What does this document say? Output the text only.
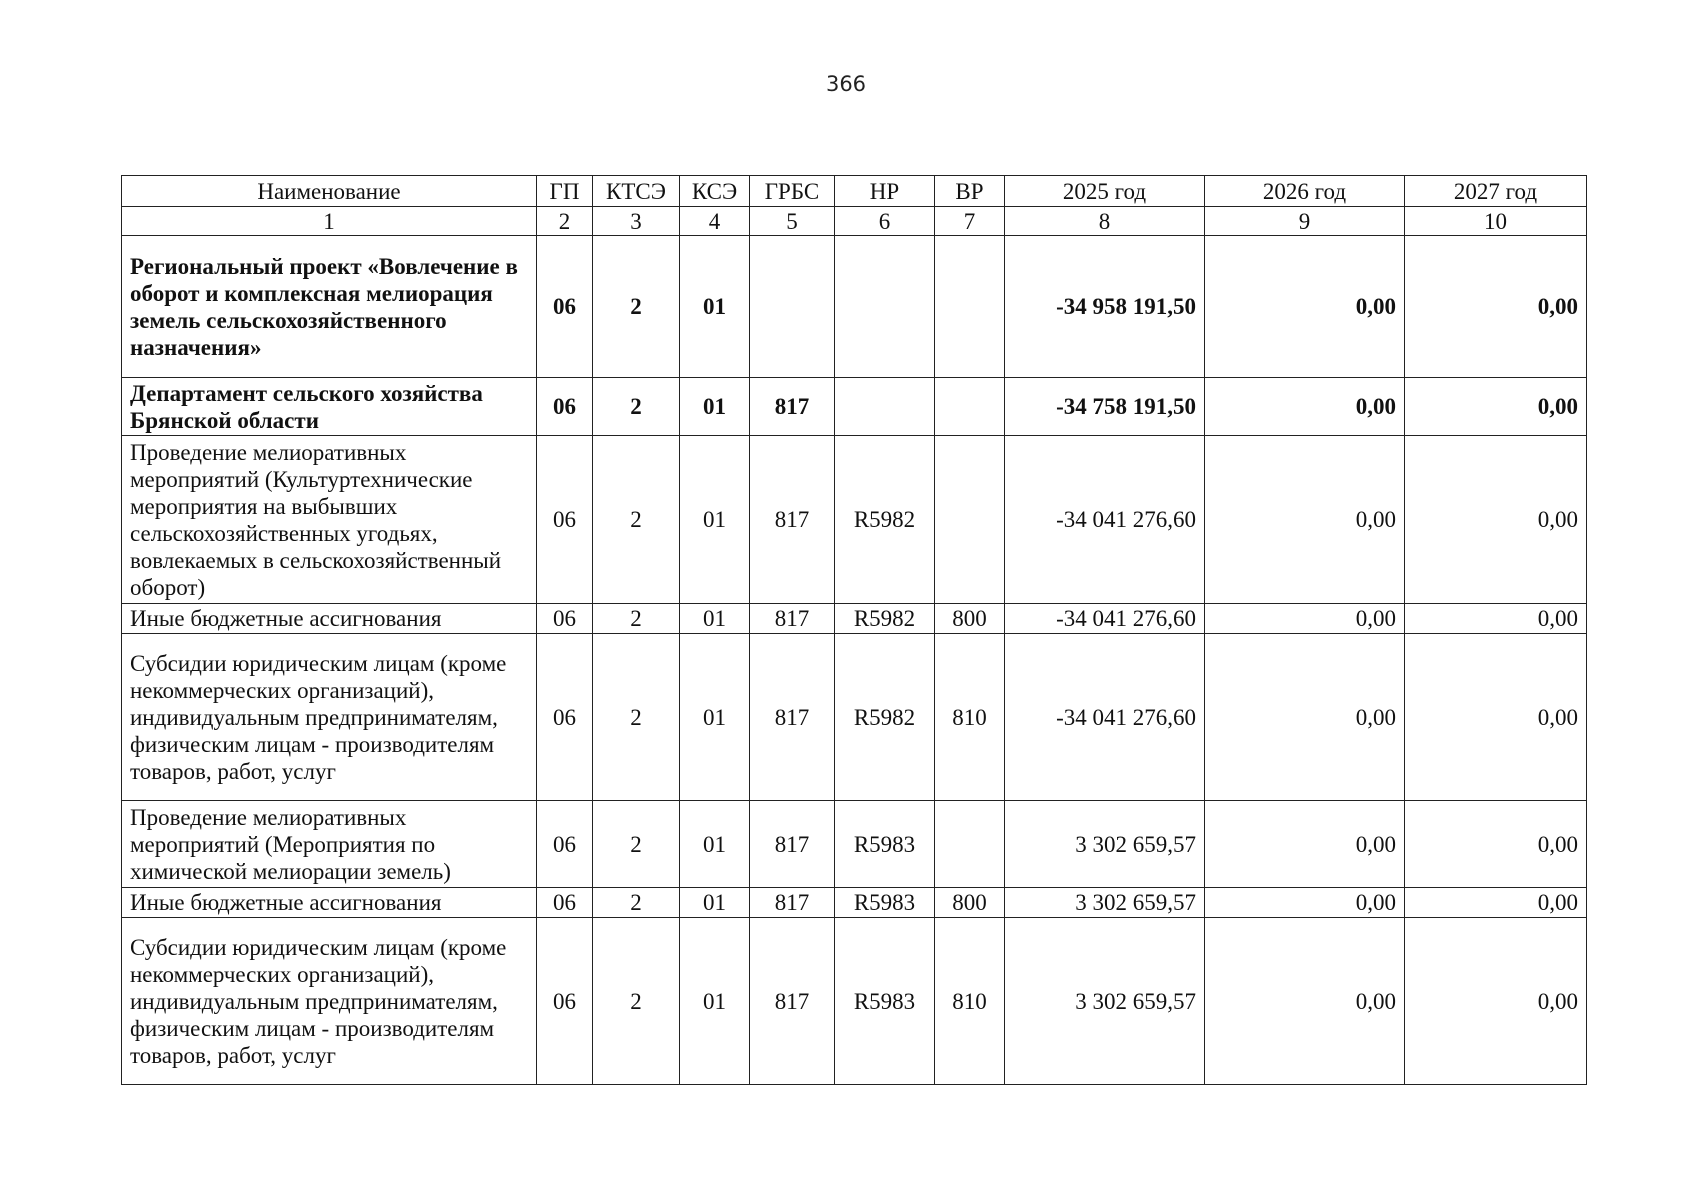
366
Наименование	ГП	КТСЭ	КСЭ	ГРБС	НР	ВР	2025 год	2026 год	2027 год
1	2	3	4	5	6	7	8	9	10
Региональный проект «Вовлечение в оборот и комплексная мелиорация земель сельскохозяйственного назначения»	06	2	01				-34 958 191,50	0,00	0,00
Департамент сельского хозяйства Брянской области	06	2	01	817			-34 758 191,50	0,00	0,00
Проведение мелиоративных мероприятий (Культуртехнические мероприятия на выбывших сельскохозяйственных угодьях, вовлекаемых в сельскохозяйственный оборот)	06	2	01	817	R5982		-34 041 276,60	0,00	0,00
Иные бюджетные ассигнования	06	2	01	817	R5982	800	-34 041 276,60	0,00	0,00
Субсидии юридическим лицам (кроме некоммерческих организаций), индивидуальным предпринимателям, физическим лицам - производителям товаров, работ, услуг	06	2	01	817	R5982	810	-34 041 276,60	0,00	0,00
Проведение мелиоративных мероприятий (Мероприятия по химической мелиорации земель)	06	2	01	817	R5983		3 302 659,57	0,00	0,00
Иные бюджетные ассигнования	06	2	01	817	R5983	800	3 302 659,57	0,00	0,00
Субсидии юридическим лицам (кроме некоммерческих организаций), индивидуальным предпринимателям, физическим лицам - производителям товаров, работ, услуг	06	2	01	817	R5983	810	3 302 659,57	0,00	0,00
